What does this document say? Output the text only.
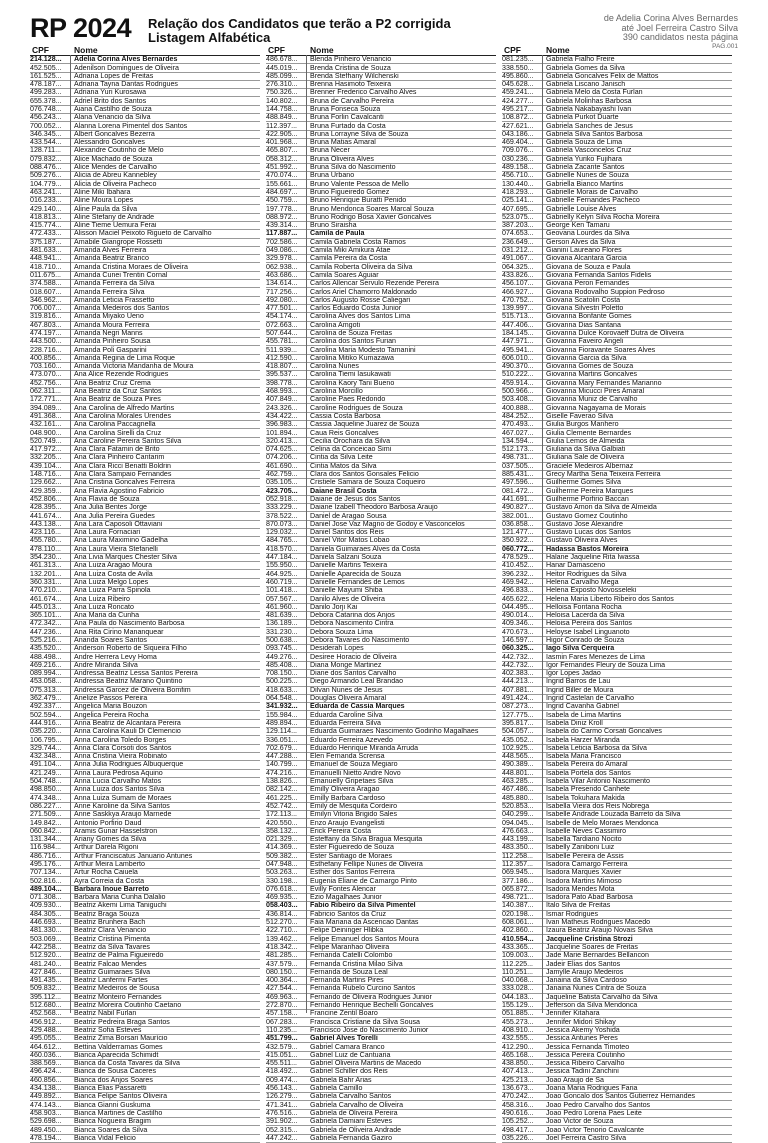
RP 2024 Relação dos Candidatos que terão a P2 corrigida
Listagem Alfabética
de Adelia Corina Alves Bernardes
até Joel Ferreira Castro Silva
390 candidatos nesta página
PAG.001
CPF	Nome
214.128...	Adelia Corina Alves Bernardes
452.505...	Adenilson Domingues de Oliveira
161.525...	Adriana Lopes de Freitas
478.187...	Adriana Tayna Dantas Rodrigues
499.283...	Adriana Yuri Kurosawa
655.378...	Adriel Brito dos Santos
076.748...	Aiana Castilho de Souza
456.243...	Alana Venancio da Silva
700.052...	Alanna Lorena Pimentel dos Santos
346.345...	Albert Goncalves Bezerra
433.544...	Alessandro Goncalves
128.711...	Alexandre Coutinho de Melo
079.832...	Alice Machado de Souza
088.476...	Alice Mendes de Carvalho
509.276...	Alicia de Abreu Kannebley
104.779...	Alicia de Oliveira Pacheco
463.241...	Aline Miki Ibahara
016.233...	Aline Moura Lopes
429.140...	Aline Paula da Silva
418.813...	Aline Stefany de Andrade
415.774...	Aline Tieme Uemura Ferai
472.433...	Alisson Maciel Peixoto Rigueto de Carvalho
375.187...	Amabile Giangrope Rossetti
481.633...	Amanda Alves Ferreira
448.941...	Amanda Beatriz Branco
418.710...	Amanda Cristina Moraes de Oliveira
011.675...	Amanda Cunei Trentin Cornal
374.588...	Amanda Ferreira da Silva
018.607...	Amanda Ferreira Silva
346.962...	Amanda Leticia Frassetto
706.007...	Amanda Medeiros dos Santos
319.816...	Amanda Miyako Ueno
467.803...	Amanda Moura Ferreira
474.197...	Amanda Negri Manns
443.500...	Amanda Pinheiro Sousa
228.716...	Amanda Poli Gasparini
400.856...	Amanda Regina de Lima Roque
703.160...	Amanda Victoria Mandanha de Moura
473.070...	Ana Alice Rezende Rodrigues
452.756...	Ana Beatriz Cruz Crema
062.311...	Ana Beatriz da Cruz Santos
172.771...	Ana Beatriz de Souza Pires
394.089...	Ana Carolina de Alfredo Martins
491.368...	Ana Carolina Morales Urendes
432.161...	Ana Carolina Paccagnella
048.900...	Ana Carolina Sirelli da Cruz
520.749...	Ana Caroline Pereira Santos Silva
417.972...	Ana Clara Fatamin de Brito
332.205...	Ana Clara Pinheiro Cantarim
439.104...	Ana Clara Ricci Benatti Boldrin
148.716...	Ana Clara Sampaio Fernandes
129.662...	Ana Cristina Goncalves Ferreira
429.359...	Ana Flavia Agostino Fabricio
452.806...	Ana Flavia de Souza
428.395...	Ana Julia Bentes Jorge
441.674...	Ana Julia Pereira Guedes
443.138...	Ana Lara Caposoli Ottaviani
423.116...	Ana Laura Fornaciari
455.780...	Ana Laura Maximino Gadelha
478.110...	Ana Laura Vieira Stefanelli
354.230...	Ana Livia Marques Chester Silva
461.313...	Ana Luiza Aragao Moura
132.201...	Ana Luiza Costa de Avila
360.331...	Ana Luiza Melgo Lopes
470.210...	Ana Luiza Parra Spinola
461.674...	Ana Luiza Ribeiro
445.013...	Ana Luiza Roncato
365.101...	Ana Maria da Cunha
472.342...	Ana Paula do Nascimento Barbosa
447.236...	Ana Rita Cirino Mananquear
525.216...	Ananda Soares Santos
435.520...	Anderson Roberto de Siqueira Filho
488.498...	Andre Herrera Levy Homa
469.216...	Andre Miranda Silva
089.994...	Andressa Beatriz Lessa Santos Pereira
453.058...	Andressa Beatriz Marano Quintino
075.313...	Andressa Garcez de Oliveira Bomfim
362.479...	Anelize Passos Pereira
492.337...	Angelica Maria Bouzon
502.594...	Angelica Pereira Rocha
444.916...	Anna Beatriz de Alcantara Pereira
035.220...	Anna Carolina Kauli Di Clemencio
106.795...	Anna Carolina Toledo Borges
329.744...	Anna Clara Corsoti dos Santos
432.348...	Anna Cristina Vieira Robinato
491.104...	Anna Julia Rodrigues Albuquerque
421.249...	Anna Laura Pedrosa Aquino
504.748...	Anna Lucia Carvalho Matos
498.850...	Anna Luiza dos Santos Silva
474.348...	Anna Luiza Sumam de Moraes
086.227...	Anne Karoline da Silva Santos
271.509...	Anne Saskkya Araujo Marnede
149.842...	Antonio Porfirio Daud
060.842...	Aramis Gunar Hasselstron
131.344...	Ariany Gomes da Silva
116.984...	Arthur Darela Rigoni
486.716...	Arthur Franciscatus Januario Antunes
495.176...	Arthur Meira Lamberto
707.134...	Artur Rocha Caiuela
502.816...	Ayra Correia da Costa
489.104...	Barbara Inoue Barreto
071.308...	Barbara Maria Cunha Dalalio
409.930...	Beatriz Akemi Lima Taniguchi
484.305...	Beatriz Braga Souza
446.693...	Beatriz Brunhera Bach
481.330...	Beatriz Clara Venancio
503.069...	Beatriz Cristina Pimenta
442.258...	Beatriz da Silva Tavares
512.920...	Beatriz de Palma Figueiredo
481.240...	Beatriz Falcao Mendes
427.846...	Beatriz Guimaraes Silva
491.435...	Beatriz Lanfermi Fartes
509.832...	Beatriz Medeiros de Sousa
395.112...	Beatriz Monteiro Fernandes
512.680...	Beatriz Moreira Coutinho Caetano
452.568...	Beatriz Nabil Furlan
456.912...	Beatriz Pedreira Braga Santos
429.488...	Beatriz Sofia Esteves
495.055...	Beatriz Zima Borsari Maurício
464.612...	Bettina Valderramas Gomes
460.036...	Bianca Aparecida Schimidt
388.569...	Bianca da Costa Tavares da Silva
496.424...	Bianca de Sousa Caceres
460.856...	Bianca dos Anjos Soares
434.138...	Bianca Elias Passaretti
449.892...	Bianca Felipe Santos Oliveira
474.143...	Bianca Gianni Guskuma
458.903...	Bianca Martines de Castilho
529.698...	Bianca Nogueira Bragim
489.450...	Bianca Soares da Silva
478.194...	Bianca Vidal Felicio
CPF	Nome
486.678...	Blenda Pinheiro Venancio
445.019...	Brenda Cristina de Souza
485.099...	Brenda Stefhany Wilchenski
276.310...	Brenna Hasimoto Teixeira
750.326...	Brenner Frederico Carvalho Alves
140.802...	Bruna de Carvalho Pereira
144.758...	Bruna Fonseca Souza
488.849...	Bruna Forlin Cavalcanti
112.397...	Bruna Furtado da Costa
422.905...	Bruna Lorrayne Silva de Souza
401.968...	Bruna Matias Amaral
465.807...	Bruna Necer
058.312...	Bruna Oliveira Alves
451.992...	Bruna Silva do Nascimento
470.074...	Bruna Urbano
155.661...	Bruno Valente Pessoa de Mello
484.697...	Bruno Figueiredo Gomez
450.759...	Bruno Henrique Buratti Penido
197.778...	Bruno Mendonca Soares Marcal Souza
088.972...	Bruno Rodrigo Bosa Xavier Goncalves
439.314...	Bruno Siraisha
117.887...	Camila de Paula
702.586...	Camila Gabriela Costa Ramos
049.086...	Camila Miki Amikura Atae
329.978...	Camila Pereira da Costa
062.938...	Camila Roberta Oliveira da Silva
463.686...	Camila Soares Aguiar
134.614...	Carlos Allencar Servulo Rezende Pereira
717.256...	Carlos Ariel Chamorro Maldonado
492.080...	Carlos Augusto Rosse Caliegari
477.501...	Carlos Eduardo Costa Junior
454.174...	Carolina Alves dos Santos Lima
072.663...	Carolina Amgoti
507.644...	Carolina de Souza Freitas
455.781...	Carolina dos Santos Furian
511.939...	Carolina Maria Modesto Tamanini
412.590...	Carolina Mitiko Kumazawa
418.807...	Carolina Nunes
395.537...	Carolina Tiemi Iasukawati
398.778...	Carolina Kaory Tani Bueno
468.993...	Carolina Morcillo
407.849...	Caroline Paes Redondo
243.326...	Caroline Rodrigues de Souza
434.422...	Cassia Costa Barbosa
396.983...	Cassia Jaqueline Juarez de Souza
101.894...	Caua Reis Goncalves
320.413...	Cecilia Orochara da Silva
074.625...	Celina da Conceicao Simi
074.206...	Cintia da Silva Leite
461.690...	Cintia Matos da Silva
462.759...	Clara dos Santos Gonsales Felicio
035.105...	Cristiele Samara de Souza Coqueiro
423.705...	Daiane Brasil Costa
052.918...	Daiane de Jesus dos Santos
333.229...	Daiane Izabell Theodoro Barbosa Araujo
378.522...	Daniel de Aragao Sousa
870.073...	Daniel Jose Vaz Magno de Godoy e Vasconcelos
129.032...	Daniel Santos dos Reis
484.765...	Daniel Vitor Matos Lobao
418.570...	Daniela Guimaraes Alves da Costa
447.184...	Daniela Salzani Souza
155.950...	Danielle Martins Teixeira
464.925...	Danielle Aparecida de Souza
460.719...	Danielle Fernandes de Lemos
101.418...	Danielle Mayumi Shiba
057.567...	Danilo Alves de Oliveira
461.960...	Danilo Jorji Kai
481.639...	Debora Catarina dos Anjos
136.189...	Debora Nascimento Cintra
331.230...	Debora Souza Lima
500.638...	Debora Tavares do Nascimento
093.745...	Desiderah Lopes
449.276...	Desiree Horacio de Oliveira
485.408...	Diana Monge Martinez
708.150...	Diane dos Santos Carvalho
500.225...	Diego Armando Leal Brandao
418.633...	Dilvan Nunes de Jesus
064.548...	Douglas Oliveira Amaral
341.932...	Eduarda de Cassia Marques
155.984...	Eduarda Caroline Silva
489.894...	Eduarda Ferreira Silva
129.114...	Eduarda Guimaraes Nascimento Godinho Magalhaes
336.051...	Eduardo Ferreira Azevedo
702.679...	Eduardo Henrique Miranda Arruda
447.288...	Elen Fernanda Scrensa
140.799...	Emanuel de Souza Megiaro
474.216...	Emanuelli Nietto Andre Novo
138.826...	Emanuelly Gripetaes Silva
082.142...	Emilly Oliveira Aragao
461.225...	Emilly Barbara Cardoso
452.742...	Emily de Mesquita Cordeiro
172.113...	Emilyn Vitoria Brigido Sales
420.550...	Enzo Araujo Evangelisti
358.132...	Erick Pereira Costa
021.329...	Esteffany da Silva Bragua Mesquita
414.369...	Ester Figueiredo de Souza
509.382...	Ester Santiago de Moraes
047.948...	Esthefany Fellipe Nunes de Oliveira
503.263...	Esther dos Santos Ferreira
330.198...	Eugenia Eliane de Camargo Pinto
076.618...	Evilly Fontes Alencar
469.935...	Ezio Magalhaes Junior
058.403...	Fabio Ribeiro da Silva Pimentel
436.814...	Fabricio Santos da Cruz
512.270...	Faia Mariana da Ascencao Dantas
422.710...	Felipe Deininger Hlibka
139.462...	Felipe Emanuel dos Santos Moura
418.342...	Felipe Maranhao Oliveira
481.285...	Fernanda Catelli Colombo
437.579...	Fernanda Cristina Milao Silva
080.150...	Fernanda de Souza Leal
400.364...	Fernanda Martins Pires
427.544...	Fernanda Rubelo Curcino Santos
469.963...	Fernando de Oliveira Rodrigues Junior
272.870...	Fernando Henrique Bechelli Goncalves
457.158...	Francine Zentil Boaro
067.283...	Francisca Cristiane da Silva Sousa
110.235...	Francisco Jose do Nascimento Junior
451.799...	Gabriel Alves Torelli
432.579...	Gabriel Camara Branco
415.051...	Gabriel Luiz de Cantuaria
455.511...	Gabriel Oliveira Martins de Macedo
418.492...	Gabriel Schiller dos Reis
009.474...	Gabriela Bahr Arias
456.143...	Gabriela Camillo
126.279...	Gabriela Carvalho Santos
471.341...	Gabriela Carvalho de Oliveira
476.516...	Gabriela de Oliveira Pereira
391.902...	Gabriela Damiani Esteves
052.315...	Gabriela de Oliveira Andrade
447.242...	Gabriela Fernanda Gaziro
CPF	Nome
081.235...	Gabriela Fialho Freire
338.550...	Gabriela Gomes da Silva
495.860...	Gabriela Goncalves Felix de Mattos
045.628...	Gabriela Liscano Janisch
459.241...	Gabriela Melo da Costa Furlan
424.277...	Gabriela Molinhas Barbosa
495.217...	Gabriela Nakabayashi Ivan
108.872...	Gabriela Purkot Duarte
427.621...	Gabriela Sanches de Jesus
043.186...	Gabriela Silva Santos Barbosa
469.404...	Gabriela Souza de Lima
709.076...	Gabriela Vasconcelos Cruz
030.236...	Gabriela Yuriko Fujihara
489.158...	Gabriela Zacante Santos
456.710...	Gabrielle Nunes de Souza
130.440...	Gabriella Bianco Martins
418.293...	Gabrielle Morais de Carvalho
025.141...	Gabrielle Fernandes Pacheco
407.695...	Gabrielle Louise Alves
523.075...	Gabrielly Kelyn Silva Rocha Moreira
387.203...	George Ken Tamaru
074.653...	Geovana Lourdes da Silva
236.649...	Gerson Alves da Silva
031.212...	Gianini Laureano Flores
491.067...	Giovana Alcantara Garcia
064.325...	Giovana de Souza e Paula
433.826...	Giovana Fernanda Santos Fidelis
456.107...	Giovana Peron Fernandes
466.927...	Giovana Rodovalho Suppion Pedroso
470.752...	Giovana Scatolin Costa
139.997...	Giovana Silvestri Poletto
515.713...	Giovanna Bonfante Gomes
447.406...	Giovanna Dias Santana
184.145...	Giovanna Dulce Korovaeff Dutra de Oliveira
447.971...	Giovanna Faveiro Angeli
495.941...	Giovanna Fioravante Soares Alves
606.010...	Giovanna Garcia da Silva
490.370...	Giovanna Gomes de Souza
510.222...	Giovanna Martins Goncalves
459.914...	Giovanna Mary Fernandes Marianno
500.966...	Giovanna Micucci Pires Amaral
503.408...	Giovanna Muniz de Carvalho
400.888...	Giovanna Nagayama de Morais
484.252...	Giselle Faverao Silva
470.493...	Giulia Burgos Manhero
467.027...	Giulia Clemente Bernardes
134.594...	Giulia Lemos de Almeida
512.173...	Giuliana da Silva Galbiati
498.731...	Giuliana Sale de Oliveira
037.505...	Graciele Medeiros Albernaz
885.431...	Grecy Martha Sena Teixeira Ferreira
497.596...	Guilherme Gomes Silva
081.472...	Guilherme Pereira Marques
441.691...	Guilherme Porfirio Baccan
490.827...	Gustavo Amon da Silva de Almeida
382.001...	Gustavo Gomez Coutinho
036.858...	Gustavo Jose Alexandre
121.477...	Gustavo Lucas dos Santos
350.922...	Gustavo Oliveira Alves
060.772...	Hadassa Bastos Moreira
478.529...	Halane Jaqueline Rita Iwassa
410.452...	Hanar Damasceno
396.232...	Heitor Rodrigues da Silva
469.942...	Helena Carvalho Mega
496.833...	Helena Exposto Novosseleki
465.622...	Helena Maria Liberto Ribeiro dos Santos
044.495...	Helloisa Fontana Rocha
490.014...	Heloisa Lacerda da Silva
409.346...	Heloisa Pereira dos Santos
470.673...	Heloyse Isabel Linguanoto
146.597...	Higor Conrado de Souza
060.325...	Iago Silva Cerqueira
442.732...	Iasmin Fares Menezes de Lima
442.732...	Igor Fernandes Fleury de Souza Lima
402.383...	Igor Lopes Jadao
444.213...	Ingrid Barros de Lau
407.881...	Ingrid Biller de Moura
491.424...	Ingrid Castelan de Carvalho
087.273...	Ingrid Cavanha Gabriel
127.775...	Isabela de Lima Martins
395.817...	Isabela Diniz Kroll
504.057...	Isabela do Carmo Corsati Goncalves
435.052...	Isabela Harzer Miranda
102.925...	Isabela Leticia Barbosa da Silva
448.565...	Isabela Maria Francisco
490.389...	Isabela Pereira do Amaral
448.801...	Isabela Portela dos Santos
463.285...	Isabela Vilar Antonio Nascimento
467.486...	Isabela Presendo Canhete
485.880...	Isabela Tokuhara Makida
520.853...	Isabella Vieira dos Reis Nobrega
040.299...	Isabelle Andrade Louzada Barreto da Silva
094.045...	Isabelle de Melo Moraes Mendonca
476.663...	Isabelle Neves Cassimiro
443.199...	Isabella Tardiano Nocito
483.350...	Isabelly Zaniboni Luiz
112.258...	Isabelle Pereira de Assis
112.357...	Isadora Camargo Ferreira
069.945...	Isadora Marques Xavier
377.186...	Isadora Martins Mimoso
065.872...	Isadora Mendes Mota
498.721...	Isadora Pato Abad Barbosa
140.387...	Italo Silva de Freitas
020.198...	Ismar Rodrigues
608.061...	Ivan Matheus Rodrigues Macedo
402.860...	Izaura Beatriz Araujo Novais Silva
410.554...	Jacqueline Cristina Strozi
433.365...	Jacqueline Soares de Freitas
109.003...	Jade Marie Bernardes Bellancon
112.225...	Jadeir Elias dos Santos
110.251...	Jamylle Araujo Medeiros
040.068...	Janaina da Silva Cardoso
333.028...	Janaina Nunes Cintra de Souza
044.183...	Jaqueline Batista Carvalho da Silva
155.129...	Jefferson da Silva Mendonca
051.885...	Jennifer Kitahara
455.273...	Jennifer Midori Shikay
408.910...	Jessica Akemy Yoshida
432.555...	Jessica Antunes Peres
412.290...	Jessica Fernanda Timoteo
465.168...	Jessica Pereira Coutinho
438.850...	Jessica Ribeiro Carvalho
407.413...	Jessica Tadini Zanchini
425.213...	Joao Araujo de Sa
136.673...	Joana Maria Rodrigues Faria
470.242...	Joao Goncalo dos Santos Gutierrez Hernandes
458.316...	Joao Pedro Carvalho dos Santos
490.616...	Joao Pedro Lorena Paes Leite
105.252...	Joao Victor de Souza
498.417...	Joao Victor Tenorio Cavalcante
035.226...	Joel Ferreira Castro Silva
